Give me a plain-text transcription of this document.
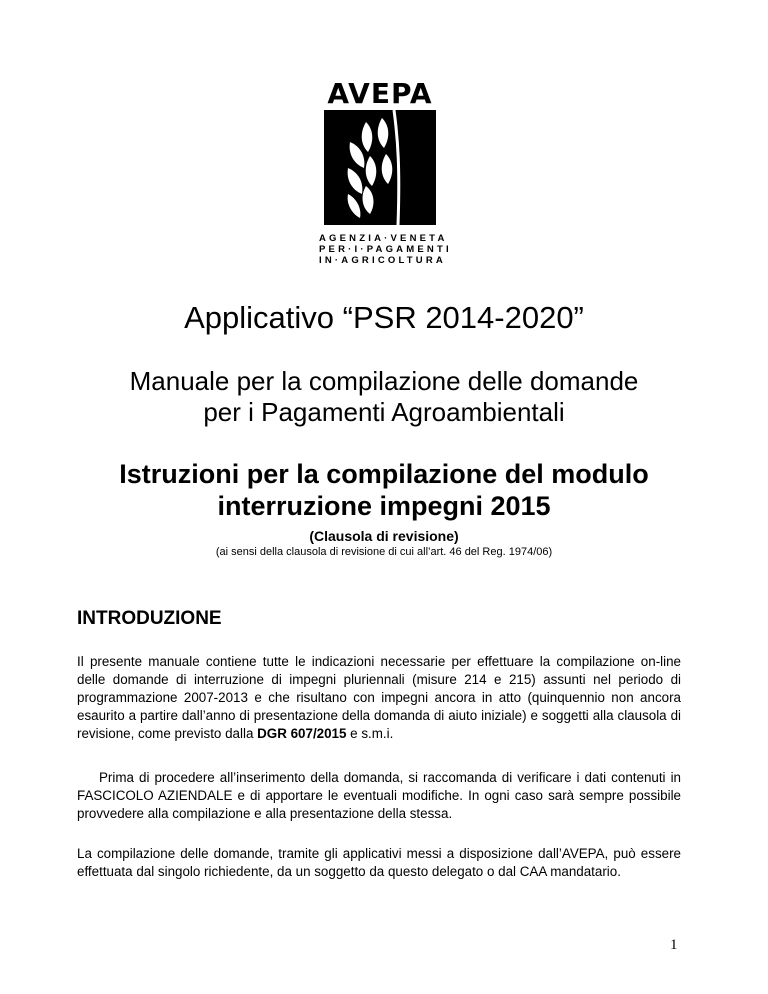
AVEPA
AGENZIA·VENETA
PER·I·PAGAMENTI
IN·AGRICOLTURA
Applicativo “PSR 2014-2020”
Manuale per la compilazione delle domande
per i Pagamenti Agroambientali
Istruzioni per la compilazione del modulo
interruzione impegni 2015
(Clausola di revisione)
(ai sensi della clausola di revisione di cui all’art. 46 del Reg. 1974/06)
INTRODUZIONE
Il presente manuale contiene tutte le indicazioni necessarie per effettuare la compilazione on-line delle domande di interruzione di impegni pluriennali (misure 214 e 215) assunti nel periodo di programmazione 2007-2013 e che risultano con impegni ancora in atto (quinquennio non ancora esaurito a partire dall’anno di presentazione della domanda di aiuto iniziale) e soggetti alla clausola di revisione, come previsto dalla DGR 607/2015 e s.m.i.
Prima di procedere all’inserimento della domanda, si raccomanda di verificare i dati contenuti in FASCICOLO AZIENDALE e di apportare le eventuali modifiche. In ogni caso sarà sempre possibile provvedere alla compilazione e alla presentazione della stessa.
La compilazione delle domande, tramite gli applicativi messi a disposizione dall’AVEPA, può essere effettuata dal singolo richiedente, da un soggetto da questo delegato o dal CAA mandatario.
1
